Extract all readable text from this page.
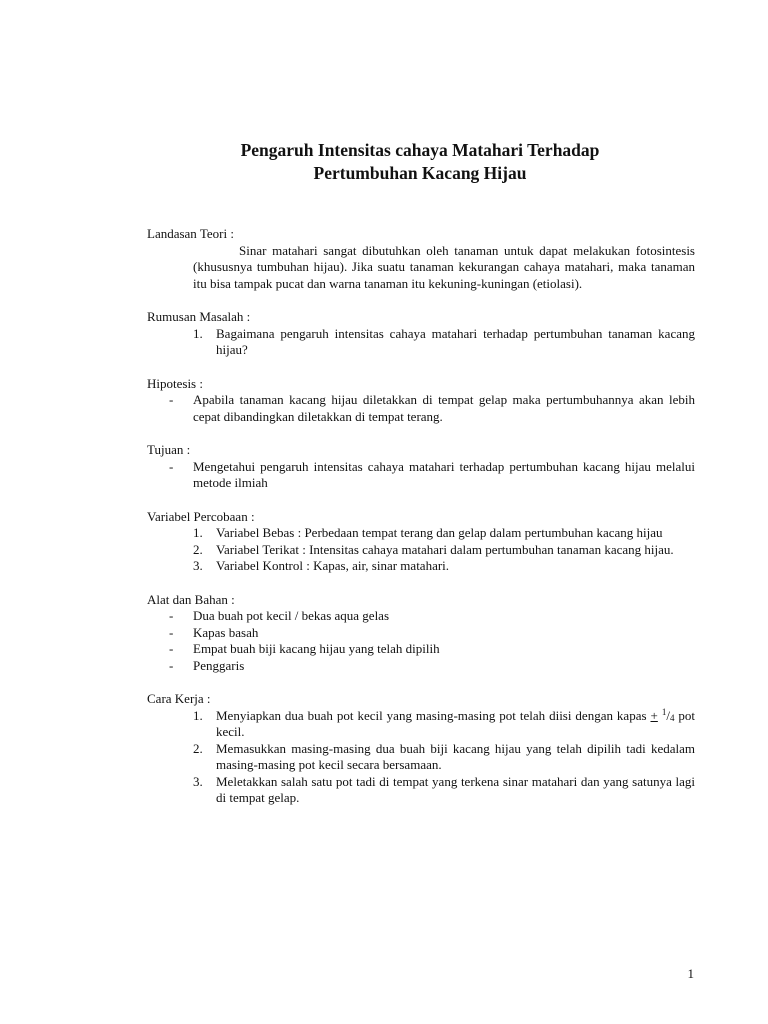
Pengaruh Intensitas cahaya Matahari Terhadap
Pertumbuhan Kacang Hijau
Landasan Teori :
Sinar matahari sangat dibutuhkan oleh tanaman untuk dapat melakukan fotosintesis (khususnya tumbuhan hijau). Jika suatu tanaman kekurangan cahaya matahari, maka tanaman itu bisa tampak pucat dan warna tanaman itu kekuning-kuningan (etiolasi).
Rumusan Masalah :
1. Bagaimana pengaruh intensitas cahaya matahari terhadap pertumbuhan tanaman kacang hijau?
Hipotesis :
- Apabila tanaman kacang hijau diletakkan di tempat gelap maka pertumbuhannya akan lebih cepat dibandingkan diletakkan di tempat terang.
Tujuan :
- Mengetahui pengaruh intensitas cahaya matahari terhadap pertumbuhan kacang hijau melalui metode ilmiah
Variabel Percobaan :
1. Variabel Bebas : Perbedaan tempat terang dan gelap dalam pertumbuhan kacang hijau
2. Variabel Terikat : Intensitas cahaya matahari dalam pertumbuhan tanaman kacang hijau.
3. Variabel Kontrol : Kapas, air, sinar matahari.
Alat dan Bahan :
- Dua buah pot kecil / bekas aqua gelas
- Kapas basah
- Empat buah biji kacang hijau yang telah dipilih
- Penggaris
Cara Kerja :
1. Menyiapkan dua buah pot kecil yang masing-masing pot telah diisi dengan kapas + $^1/_4$ pot kecil.
2. Memasukkan masing-masing dua buah biji kacang hijau yang telah dipilih tadi kedalam masing-masing pot kecil secara bersamaan.
3. Meletakkan salah satu pot tadi di tempat yang terkena sinar matahari dan yang satunya lagi di tempat gelap.
1
